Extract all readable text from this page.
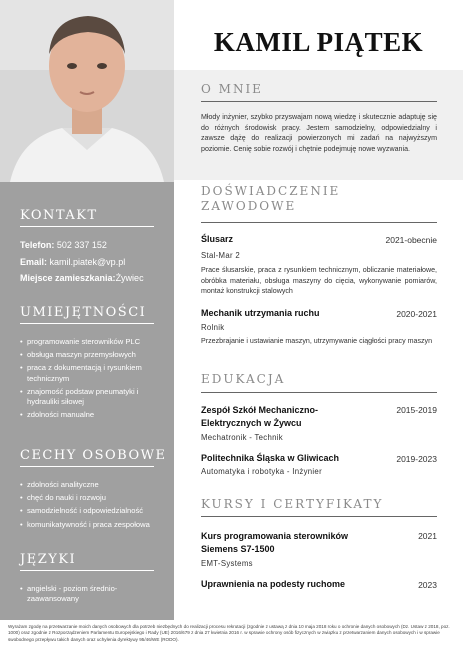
KONTAKT
Telefon: 502 337 152
Email: kamil.piatek@vp.pl
Miejsce zamieszkania:Żywiec
UMIEJĘTNOŚCI
• programowanie sterowników PLC
• obsługa maszyn przemysłowych
• praca z dokumentacją i rysunkiem technicznym
• znajomość podstaw pneumatyki i hydrauliki siłowej
• zdolności manualne
CECHY OSOBOWE
• zdolności analityczne
• chęć do nauki i rozwoju
• samodzielność i odpowiedzialność
• komunikatywność i praca zespołowa
JĘZYKI
• angielski - poziom średnio-zaawansowany
KAMIL PIĄTEK
O MNIE
Młody inżynier, szybko przyswajam nową wiedzę i skutecznie adaptuję się do różnych środowisk pracy. Jestem samodzielny, odpowiedzialny i zawsze dążę do realizacji powierzonych mi zadań na najwyższym poziomie. Cenię sobie rozwój i chętnie podejmuję nowe wyzwania.
DOŚWIADCZENIE
ZAWODOWE
Ślusarz	2021-obecnie
Stal-Mar 2
Prace ślusarskie, praca z rysunkiem technicznym, obliczanie materiałowe, obróbka materiału, obsługa maszyny do cięcia, wykonywanie pomiarów, montaż konstrukcji stalowych
Mechanik utrzymania ruchu	2020-2021
Rolnik
Przezbrajanie i ustawianie maszyn, utrzymywanie ciągłości pracy maszyn
EDUKACJA
Zespół Szkół Mechaniczno-
Elektrycznych w Żywcu
2015-2019
Mechatronik - Technik
Politechnika Śląska w Gliwicach	2019-2023
Automatyka i robotyka - Inżynier
KURSY I CERTYFIKATY
Kurs programowania sterowników
Siemens S7-1500
2021
EMT-Systems
Uprawnienia na podesty ruchome	2023
Wyrażam zgodę na przetwarzanie moich danych osobowych dla potrzeb niezbędnych do realizacji procesu rekrutacji (zgodnie z ustawą z dnia 10 maja 2018 roku o ochronie danych osobowych (Dz. Ustaw z 2018, poz. 1000) oraz zgodnie z Rozporządzeniem Parlamentu Europejskiego i Rady (UE) 2016/679 z dnia 27 kwietnia 2016 r. w sprawie ochrony osób fizycznych w związku z przetwarzaniem danych osobowych i w sprawie swobodnego przepływu takich danych oraz uchylenia dyrektywy 95/46/WE (RODO).
